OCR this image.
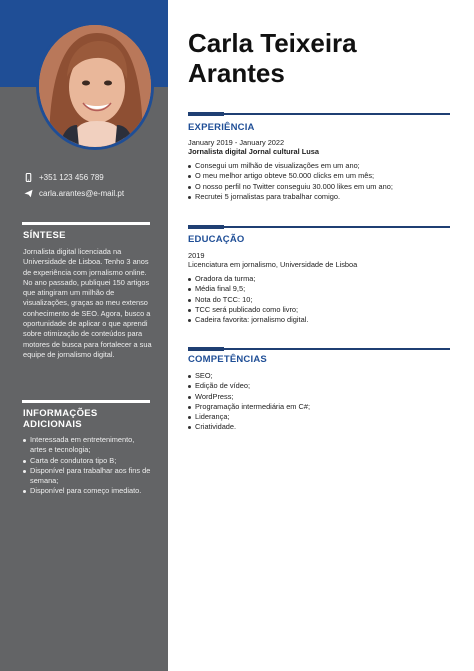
+351 123 456 789
carla.arantes@e-mail.pt
SÍNTESE
Jornalista digital licenciada na Universidade de Lisboa. Tenho 3 anos de experiência com jornalismo online. No ano passado, publiquei 150 artigos que atingiram um milhão de visualizações, graças ao meu extenso conhecimento de SEO. Agora, busco a oportunidade de aplicar o que aprendi sobre otimização de conteúdos para motores de busca para fortalecer a sua equipe de jornalismo digital.
INFORMAÇÕES
ADICIONAIS
Interessada em entretenimento, artes e tecnologia;
Carta de condutora tipo B;
Disponível para trabalhar aos fins de semana;
Disponível para começo imediato.
Carla Teixeira
Arantes
EXPERIÊNCIA
January 2019 - January 2022
Jornalista digital Jornal cultural Lusa
Consegui um milhão de visualizações em um ano;
O meu melhor artigo obteve 50.000 clicks em um mês;
O nosso perfil no Twitter conseguiu 30.000 likes em um ano;
Recrutei 5 jornalistas para trabalhar comigo.
EDUCAÇÃO
2019
Licenciatura em jornalismo, Universidade de Lisboa
Oradora da turma;
Média final 9,5;
Nota do TCC: 10;
TCC será publicado como livro;
Cadeira favorita: jornalismo digital.
COMPETÊNCIAS
SEO;
Edição de vídeo;
WordPress;
Programação intermediária em C#;
Liderança;
Criatividade.
